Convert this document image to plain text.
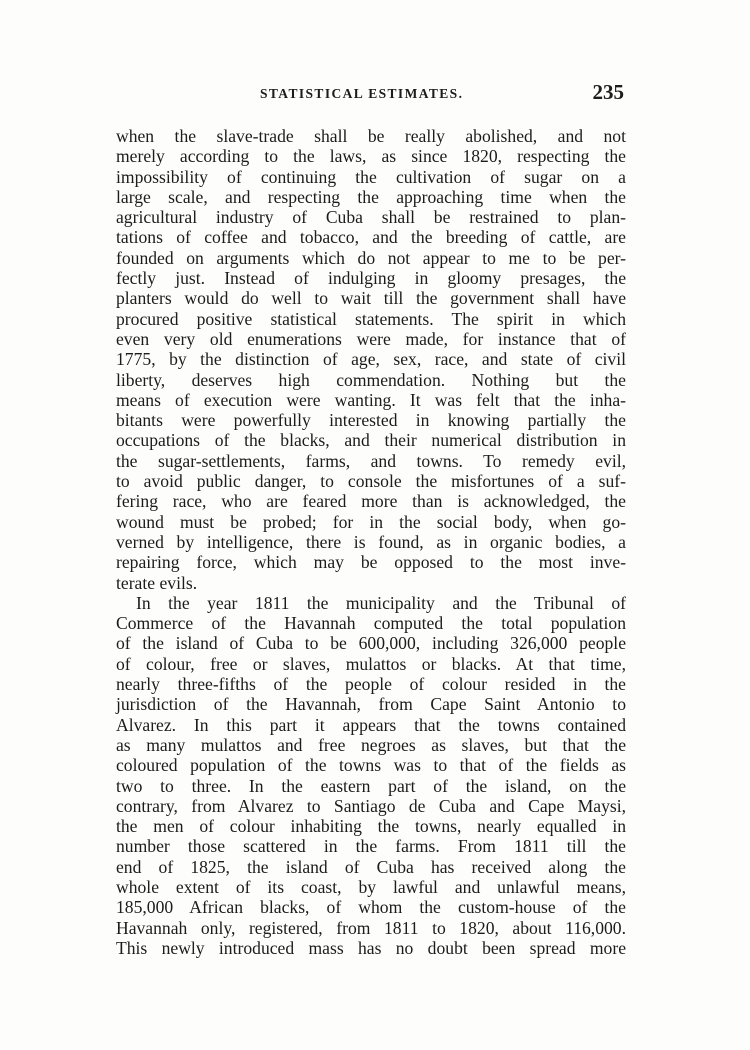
STATISTICAL ESTIMATES.	235
when the slave-trade shall be really abolished, and not
merely according to the laws, as since 1820, respecting the
impossibility of continuing the cultivation of sugar on a
large scale, and respecting the approaching time when the
agricultural industry of Cuba shall be restrained to plan-
tations of coffee and tobacco, and the breeding of cattle, are
founded on arguments which do not appear to me to be per-
fectly just. Instead of indulging in gloomy presages, the
planters would do well to wait till the government shall have
procured positive statistical statements. The spirit in which
even very old enumerations were made, for instance that of
1775, by the distinction of age, sex, race, and state of civil
liberty, deserves high commendation. Nothing but the
means of execution were wanting. It was felt that the inha-
bitants were powerfully interested in knowing partially the
occupations of the blacks, and their numerical distribution in
the sugar-settlements, farms, and towns. To remedy evil,
to avoid public danger, to console the misfortunes of a suf-
fering race, who are feared more than is acknowledged, the
wound must be probed; for in the social body, when go-
verned by intelligence, there is found, as in organic bodies, a
repairing force, which may be opposed to the most inve-
terate evils.
In the year 1811 the municipality and the Tribunal of
Commerce of the Havannah computed the total population
of the island of Cuba to be 600,000, including 326,000 people
of colour, free or slaves, mulattos or blacks. At that time,
nearly three-fifths of the people of colour resided in the
jurisdiction of the Havannah, from Cape Saint Antonio to
Alvarez. In this part it appears that the towns contained
as many mulattos and free negroes as slaves, but that the
coloured population of the towns was to that of the fields as
two to three. In the eastern part of the island, on the
contrary, from Alvarez to Santiago de Cuba and Cape Maysi,
the men of colour inhabiting the towns, nearly equalled in
number those scattered in the farms. From 1811 till the
end of 1825, the island of Cuba has received along the
whole extent of its coast, by lawful and unlawful means,
185,000 African blacks, of whom the custom-house of the
Havannah only, registered, from 1811 to 1820, about 116,000.
This newly introduced mass has no doubt been spread more
